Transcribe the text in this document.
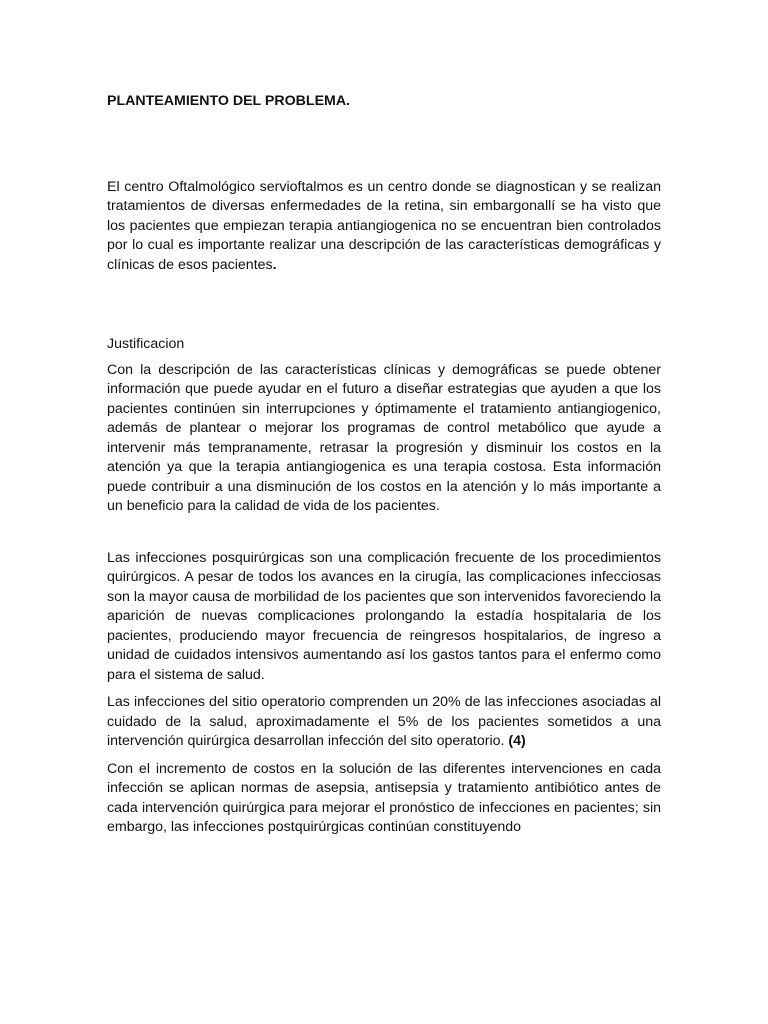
PLANTEAMIENTO DEL PROBLEMA.

El centro Oftalmológico servioftalmos es un centro donde se diagnostican y se realizan tratamientos de diversas enfermedades de la retina, sin embargonallí se ha visto que los pacientes que empiezan terapia antiangiogenica no se encuentran bien controlados por lo cual es importante realizar una descripción de las características demográficas y clínicas de esos pacientes.

Justificacion

Con la descripción de las características clínicas y demográficas se puede obtener información que puede ayudar en el futuro a diseñar estrategias que ayuden a que los pacientes continúen sin interrupciones y óptimamente el tratamiento antiangiogenico, además de plantear o mejorar los programas de control metabólico que ayude a intervenir más tempranamente, retrasar la progresión y disminuir los costos en la atención ya que la terapia antiangiogenica es una terapia costosa. Esta información puede contribuir a una disminución de los costos en la atención y lo más importante a un beneficio para la calidad de vida de los pacientes.

Las infecciones posquirúrgicas son una complicación frecuente de los procedimientos quirúrgicos. A pesar de todos los avances en la cirugía, las complicaciones infecciosas son la mayor causa de morbilidad de los pacientes que son intervenidos favoreciendo la aparición de nuevas complicaciones prolongando la estadía hospitalaria de los pacientes, produciendo mayor frecuencia de reingresos hospitalarios, de ingreso a unidad de cuidados intensivos aumentando así los gastos tantos para el enfermo como para el sistema de salud.

Las infecciones del sitio operatorio comprenden un 20% de las infecciones asociadas al cuidado de la salud, aproximadamente el 5% de los pacientes sometidos a una intervención quirúrgica desarrollan infección del sito operatorio. (4)

Con el incremento de costos en la solución de las diferentes intervenciones en cada infección se aplican normas de asepsia, antisepsia y tratamiento antibiótico antes de cada intervención quirúrgica para mejorar el pronóstico de infecciones en pacientes; sin embargo, las infecciones postquirúrgicas continúan constituyendo
